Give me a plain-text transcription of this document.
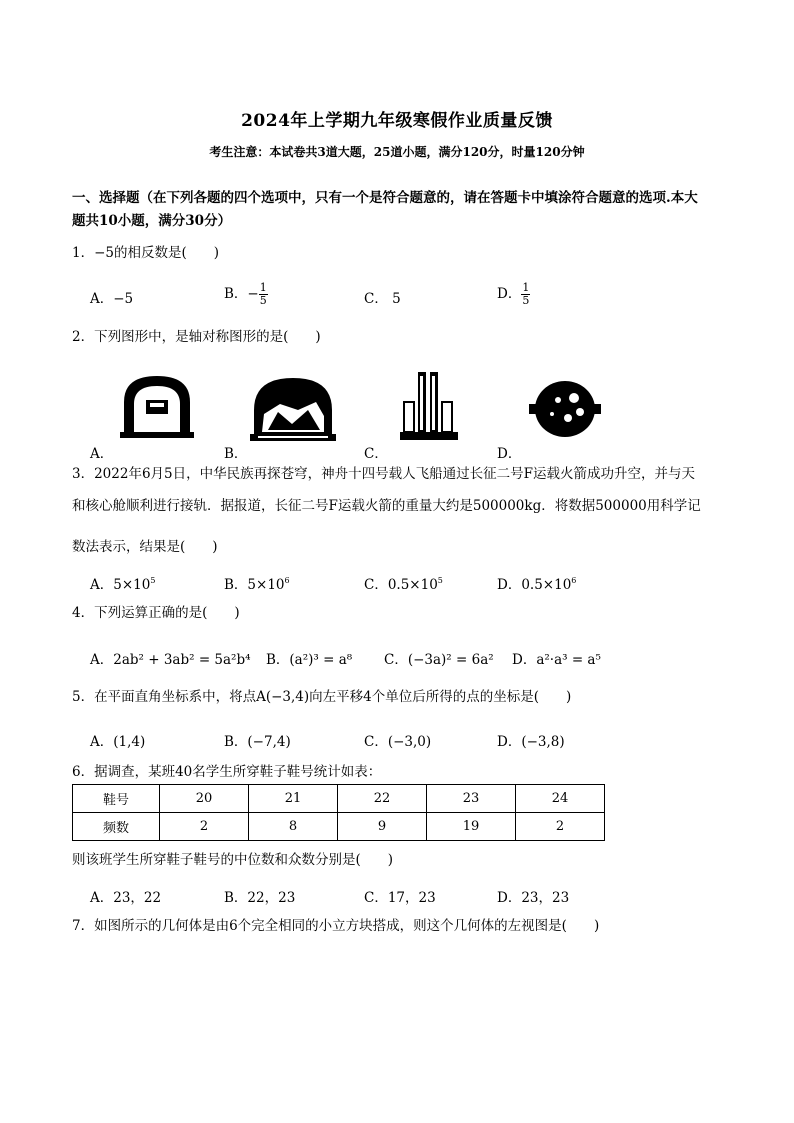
2024年上学期九年级寒假作业质量反馈
考生注意：本试卷共3道大题，25道小题，满分120分，时量120分钟
一、选择题（在下列各题的四个选项中，只有一个是符合题意的，请在答题卡中填涂符合题意的选项.本大
题共10小题，满分30分）
1．−5的相反数是(　　)
A．−5	B．− $\frac{1}{5}$	C． 5	D． $\frac{1}{5}$
2．下列图形中，是轴对称图形的是(　　)
A．	B．	C．	D．
3．2022年6月5日，中华民族再探苍穹，神舟十四号载人飞船通过长征二号F运载火箭成功升空，并与天
和核心舱顺利进行接轨．据报道，长征二号F运载火箭的重量大约是500000kg．将数据500000用科学记
数法表示，结果是(　　)
A．$5\times 10^5$	B．$5\times 10^6$	C．$0.5\times 10^5$	D．$0.5\times 10^6$
4．下列运算正确的是(　　)
A．2ab² + 3ab² = 5a²b⁴ B．(a²)³ = a⁸ C．(−3a)² = 6a² D．a²·a³ = a⁵
5．在平面直角坐标系中，将点A(−3,4)向左平移4个单位后所得的点的坐标是(　　)
A．(1,4)	B．(−7,4)	C．(−3,0)	D．(−3,8)
6．据调查，某班40名学生所穿鞋子鞋号统计如表：
鞋号	20	21	22	23	24
频数	2	8	9	19	2
则该班学生所穿鞋子鞋号的中位数和众数分别是(　　)
A．23，22	B．22，23	C．17，23	D．23，23
7．如图所示的几何体是由6个完全相同的小立方块搭成，则这个几何体的左视图是(　　)
